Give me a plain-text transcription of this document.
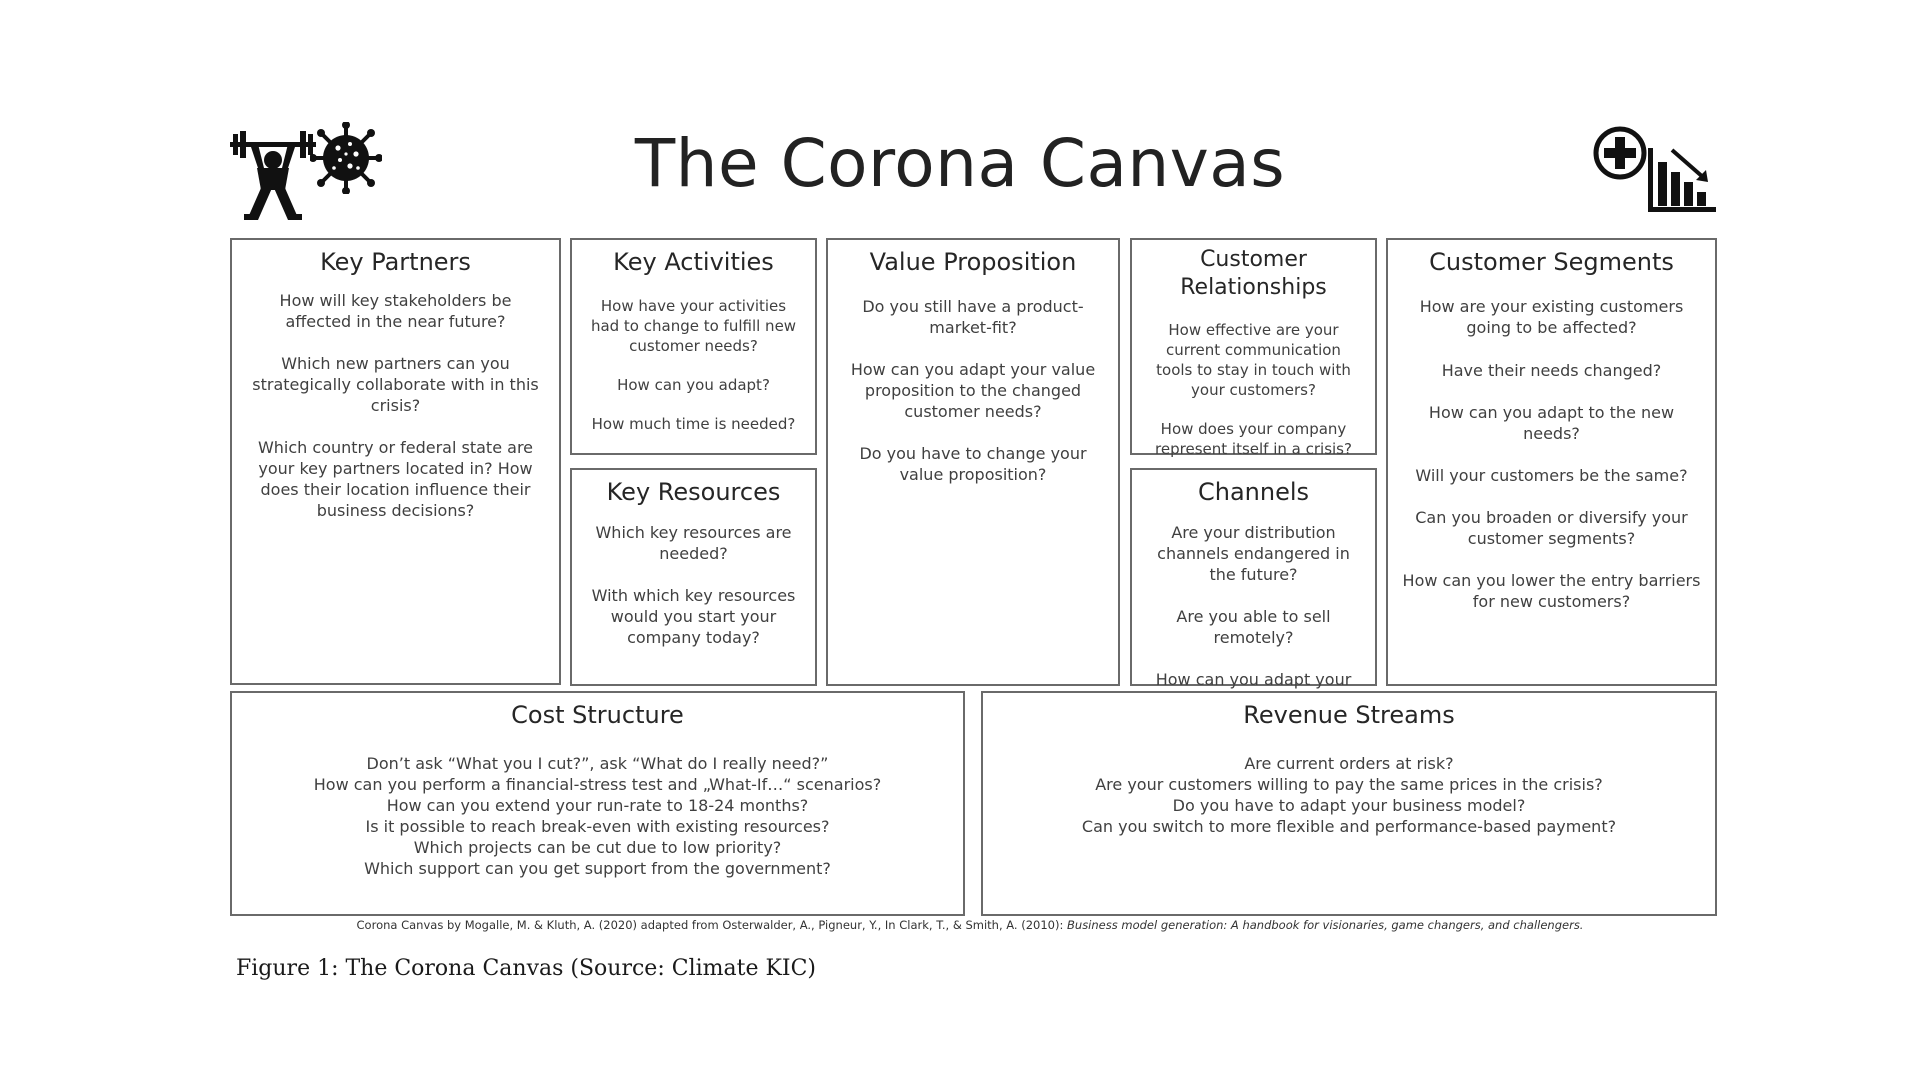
The Corona Canvas
Key Partners

How will key stakeholders be affected in the near future?

Which new partners can you strategically collaborate with in this crisis?

Which country or federal state are your key partners located in? How does their location influence their business decisions?

Key Activities

How have your activities had to change to fulfill new customer needs?

How can you adapt?

How much time is needed?

Key Resources

Which key resources are needed?

With which key resources would you start your company today?

Value Proposition

Do you still have a product-market-fit?

How can you adapt your value proposition to the changed customer needs?

Do you have to change your value proposition?

Customer Relationships

How effective are your current communication tools to stay in touch with your customers?

How does your company represent itself in a crisis?

Channels

Are your distribution channels endangered in the future?

Are you able to sell remotely?

How can you adapt your

Customer Segments

How are your existing customers going to be affected?

Have their needs changed?

How can you adapt to the new needs?

Will your customers be the same?

Can you broaden or diversify your customer segments?

How can you lower the entry barriers for new customers?

Cost Structure

Don’t ask “What you I cut?”, ask “What do I really need?”

How can you perform a financial-stress test and „What-If…“ scenarios?

How can you extend your run-rate to 18-24 months?

Is it possible to reach break-even with existing resources?

Which projects can be cut due to low priority?

Which support can you get support from the government?

Revenue Streams

Are current orders at risk?

Are your customers willing to pay the same prices in the crisis?

Do you have to adapt your business model?

Can you switch to more flexible and performance-based payment?

Corona Canvas by Mogalle, M. & Kluth, A. (2020) adapted from Osterwalder, A., Pigneur, Y., In Clark, T., & Smith, A. (2010): Business model generation: A handbook for visionaries, game changers, and challengers.
Figure 1: The Corona Canvas (Source: Climate KIC)
